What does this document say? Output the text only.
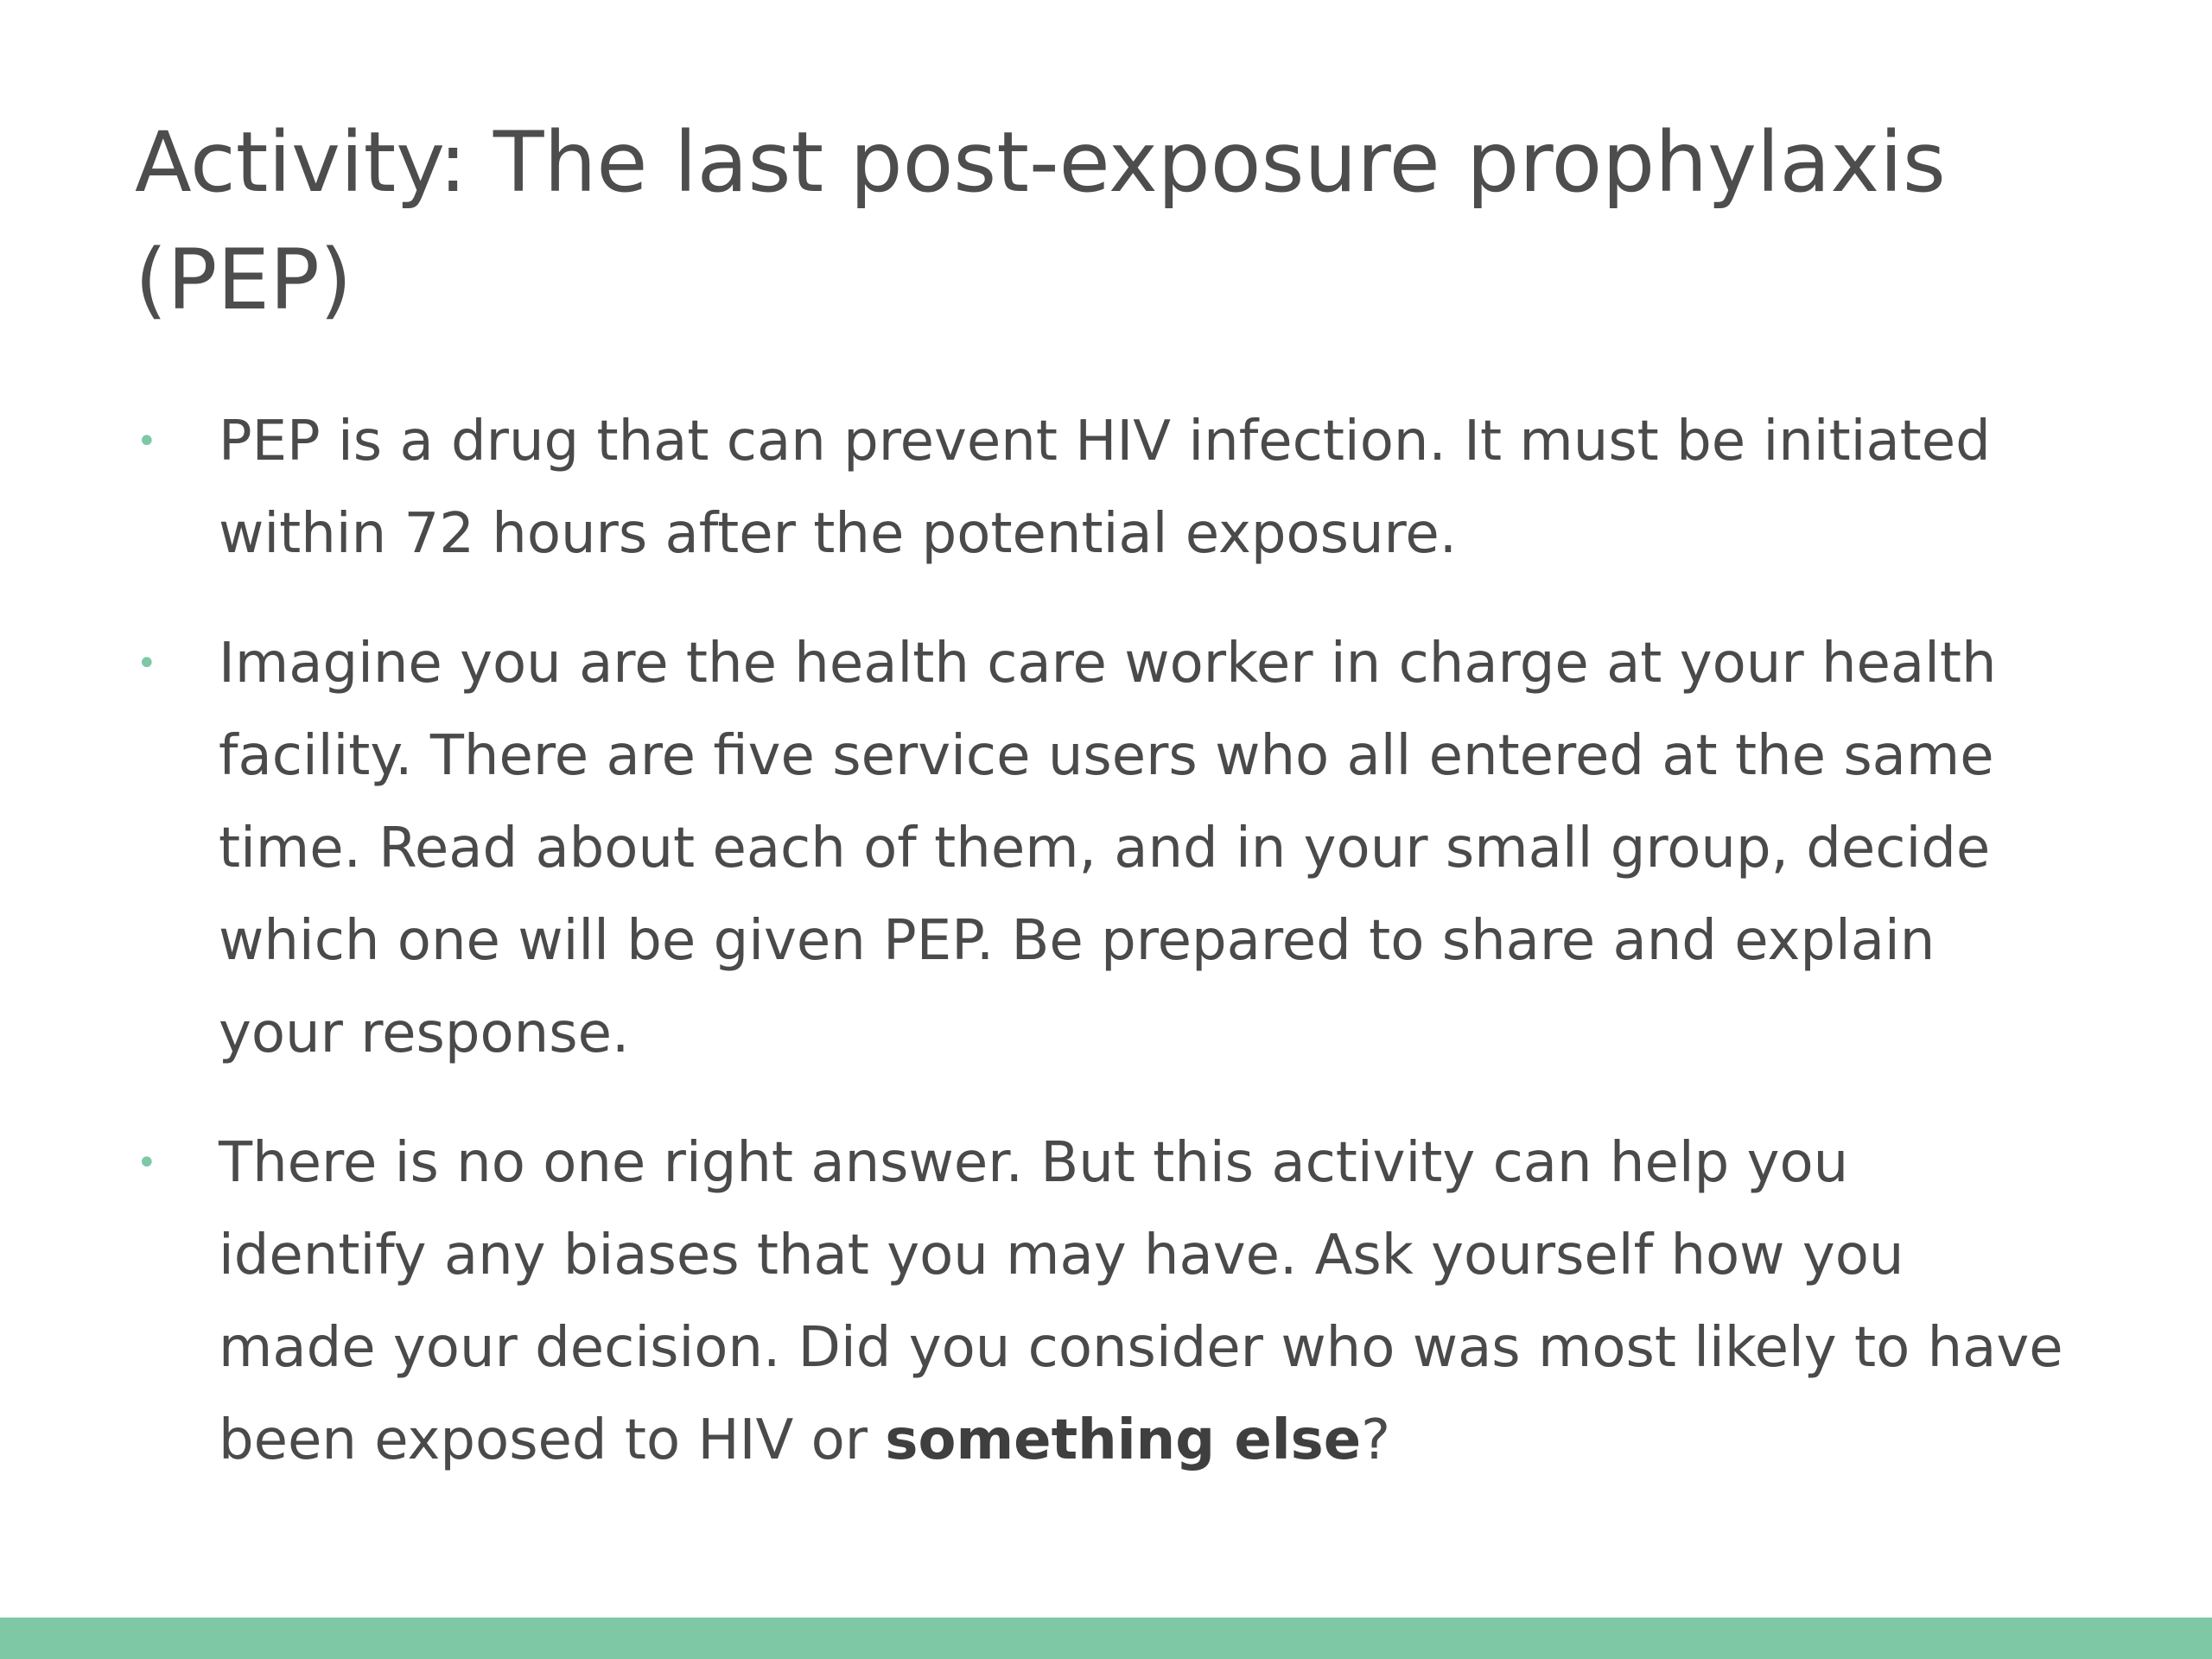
Activity: The last post-exposure prophylaxis (PEP)
• PEP is a drug that can prevent HIV infection. It must be initiated within 72 hours after the potential exposure.
• Imagine you are the health care worker in charge at your health facility. There are five service users who all entered at the same time. Read about each of them, and in your small group, decide which one will be given PEP. Be prepared to share and explain your response.
• There is no one right answer. But this activity can help you identify any biases that you may have. Ask yourself how you made your decision. Did you consider who was most likely to have been exposed to HIV or something else?
